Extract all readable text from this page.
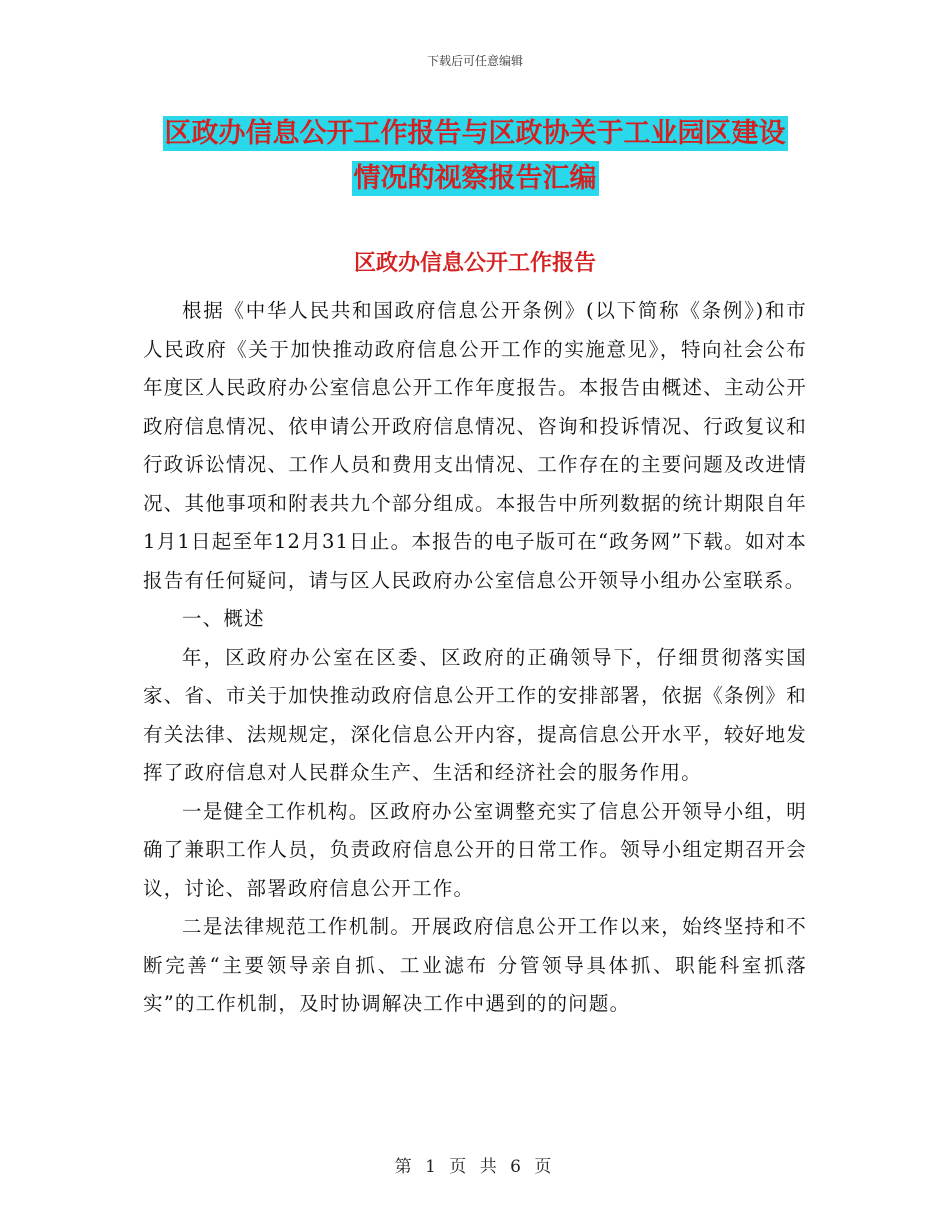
下载后可任意编辑
区政办信息公开工作报告与区政协关于工业园区建设
情况的视察报告汇编
区政办信息公开工作报告

根据《中华人民共和国政府信息公开条例》(以下简称《条例》)和市人民政府《关于加快推动政府信息公开工作的实施意见》，特向社会公布年度区人民政府办公室信息公开工作年度报告。本报告由概述、主动公开政府信息情况、依申请公开政府信息情况、咨询和投诉情况、行政复议和行政诉讼情况、工作人员和费用支出情况、工作存在的主要问题及改进情况、其他事项和附表共九个部分组成。本报告中所列数据的统计期限自年1月1日起至年12月31日止。本报告的电子版可在“政务网”下载。如对本报告有任何疑问，请与区人民政府办公室信息公开领导小组办公室联系。

一、概述

年，区政府办公室在区委、区政府的正确领导下，仔细贯彻落实国家、省、市关于加快推动政府信息公开工作的安排部署，依据《条例》和有关法律、法规规定，深化信息公开内容，提高信息公开水平，较好地发挥了政府信息对人民群众生产、生活和经济社会的服务作用。

一是健全工作机构。区政府办公室调整充实了信息公开领导小组，明确了兼职工作人员，负责政府信息公开的日常工作。领导小组定期召开会议，讨论、部署政府信息公开工作。

二是法律规范工作机制。开展政府信息公开工作以来，始终坚持和不断完善“主要领导亲自抓、工业滤布 分管领导具体抓、职能科室抓落实”的工作机制，及时协调解决工作中遇到的的问题。

第 1 页 共 6 页
